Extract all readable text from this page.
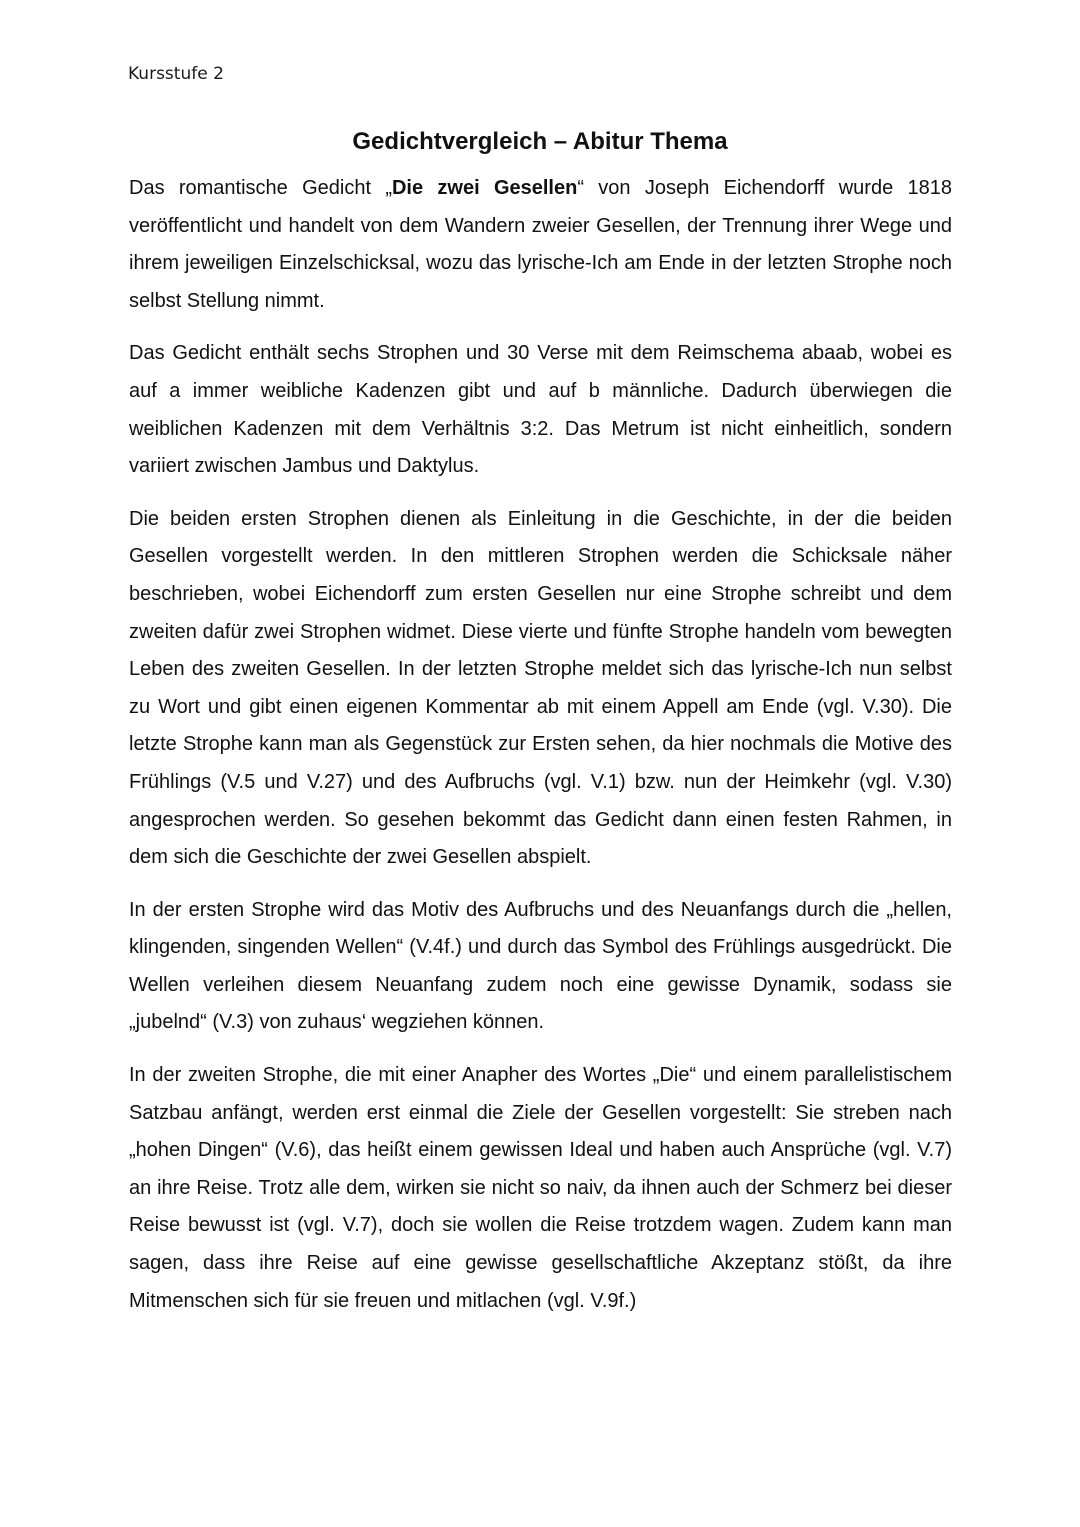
Kursstufe 2
Gedichtvergleich – Abitur Thema

Das romantische Gedicht „Die zwei Gesellen“ von Joseph Eichendorff wurde 1818 veröffentlicht und handelt von dem Wandern zweier Gesellen, der Trennung ihrer Wege und ihrem jeweiligen Einzelschicksal, wozu das lyrische-Ich am Ende in der letzten Strophe noch selbst Stellung nimmt.

Das Gedicht enthält sechs Strophen und 30 Verse mit dem Reimschema abaab, wobei es auf a immer weibliche Kadenzen gibt und auf b männliche. Dadurch überwiegen die weiblichen Kadenzen mit dem Verhältnis 3:2. Das Metrum ist nicht einheitlich, sondern variiert zwischen Jambus und Daktylus.

Die beiden ersten Strophen dienen als Einleitung in die Geschichte, in der die beiden Gesellen vorgestellt werden. In den mittleren Strophen werden die Schicksale näher beschrieben, wobei Eichendorff zum ersten Gesellen nur eine Strophe schreibt und dem zweiten dafür zwei Strophen widmet. Diese vierte und fünfte Strophe handeln vom bewegten Leben des zweiten Gesellen. In der letzten Strophe meldet sich das lyrische-Ich nun selbst zu Wort und gibt einen eigenen Kommentar ab mit einem Appell am Ende (vgl. V.30). Die letzte Strophe kann man als Gegenstück zur Ersten sehen, da hier nochmals die Motive des Frühlings (V.5 und V.27) und des Aufbruchs (vgl. V.1) bzw. nun der Heimkehr (vgl. V.30) angesprochen werden. So gesehen bekommt das Gedicht dann einen festen Rahmen, in dem sich die Geschichte der zwei Gesellen abspielt.

In der ersten Strophe wird das Motiv des Aufbruchs und des Neuanfangs durch die „hellen, klingenden, singenden Wellen“ (V.4f.) und durch das Symbol des Frühlings ausgedrückt. Die Wellen verleihen diesem Neuanfang zudem noch eine gewisse Dynamik, sodass sie „jubelnd“ (V.3) von zuhaus‘ wegziehen können.

In der zweiten Strophe, die mit einer Anapher des Wortes „Die“ und einem parallelistischem Satzbau anfängt, werden erst einmal die Ziele der Gesellen vorgestellt: Sie streben nach „hohen Dingen“ (V.6), das heißt einem gewissen Ideal und haben auch Ansprüche (vgl. V.7) an ihre Reise. Trotz alle dem, wirken sie nicht so naiv, da ihnen auch der Schmerz bei dieser Reise bewusst ist (vgl. V.7), doch sie wollen die Reise trotzdem wagen. Zudem kann man sagen, dass ihre Reise auf eine gewisse gesellschaftliche Akzeptanz stößt, da ihre Mitmenschen sich für sie freuen und mitlachen (vgl. V.9f.)
